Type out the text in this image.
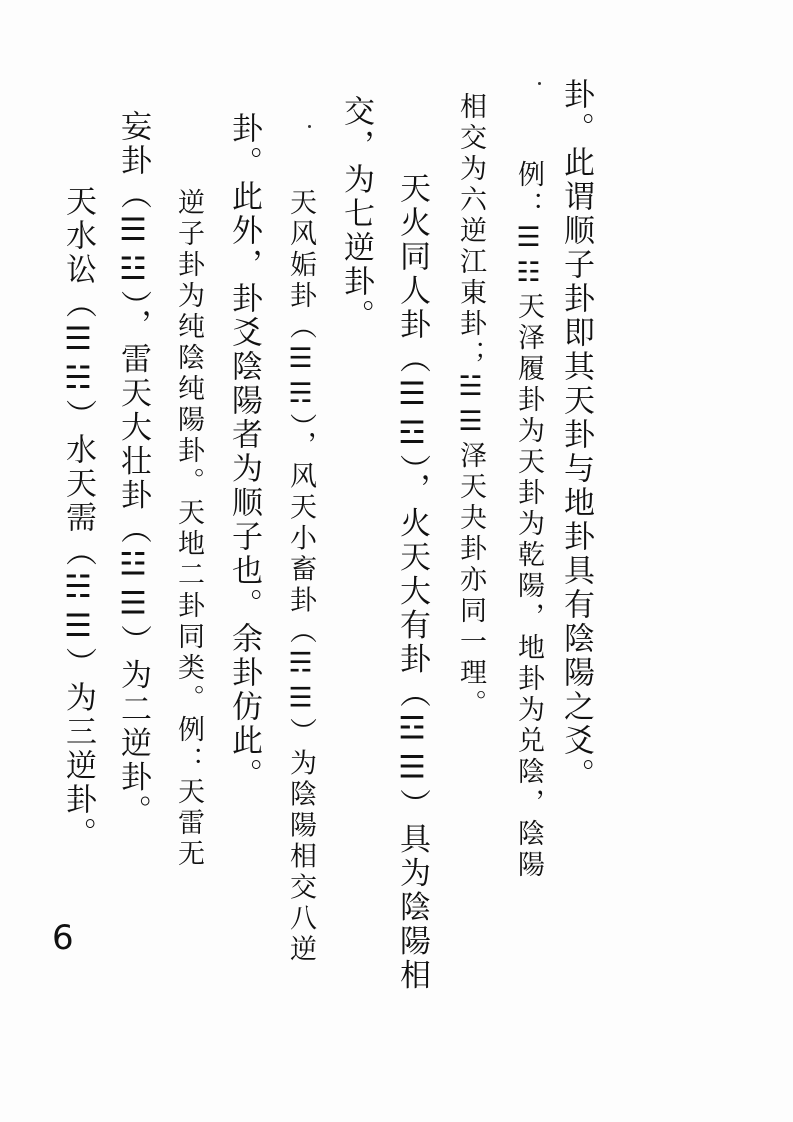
卦。此谓顺子卦即其天卦与地卦具有陰陽之爻。
例：☰☷天泽履卦为天卦为乾陽，地卦为兑陰，陰陽
相交为六逆江東卦；☱☰泽天夬卦亦同一理。
天火同人卦（☰☲），火天大有卦（☲☰）具为陰陽相
交，为七逆卦。
天风姤卦（☰☴），风天小畜卦（☴☰）为陰陽相交八逆
卦。此外，卦爻陰陽者为顺子也。余卦仿此。
逆子卦为纯陰纯陽卦。天地二卦同类。例：天雷无
妄卦（☰☳），雷天大壮卦（☳☰）为二逆卦。
天水讼（☰☵）水天需（☵☰）为三逆卦。
6
